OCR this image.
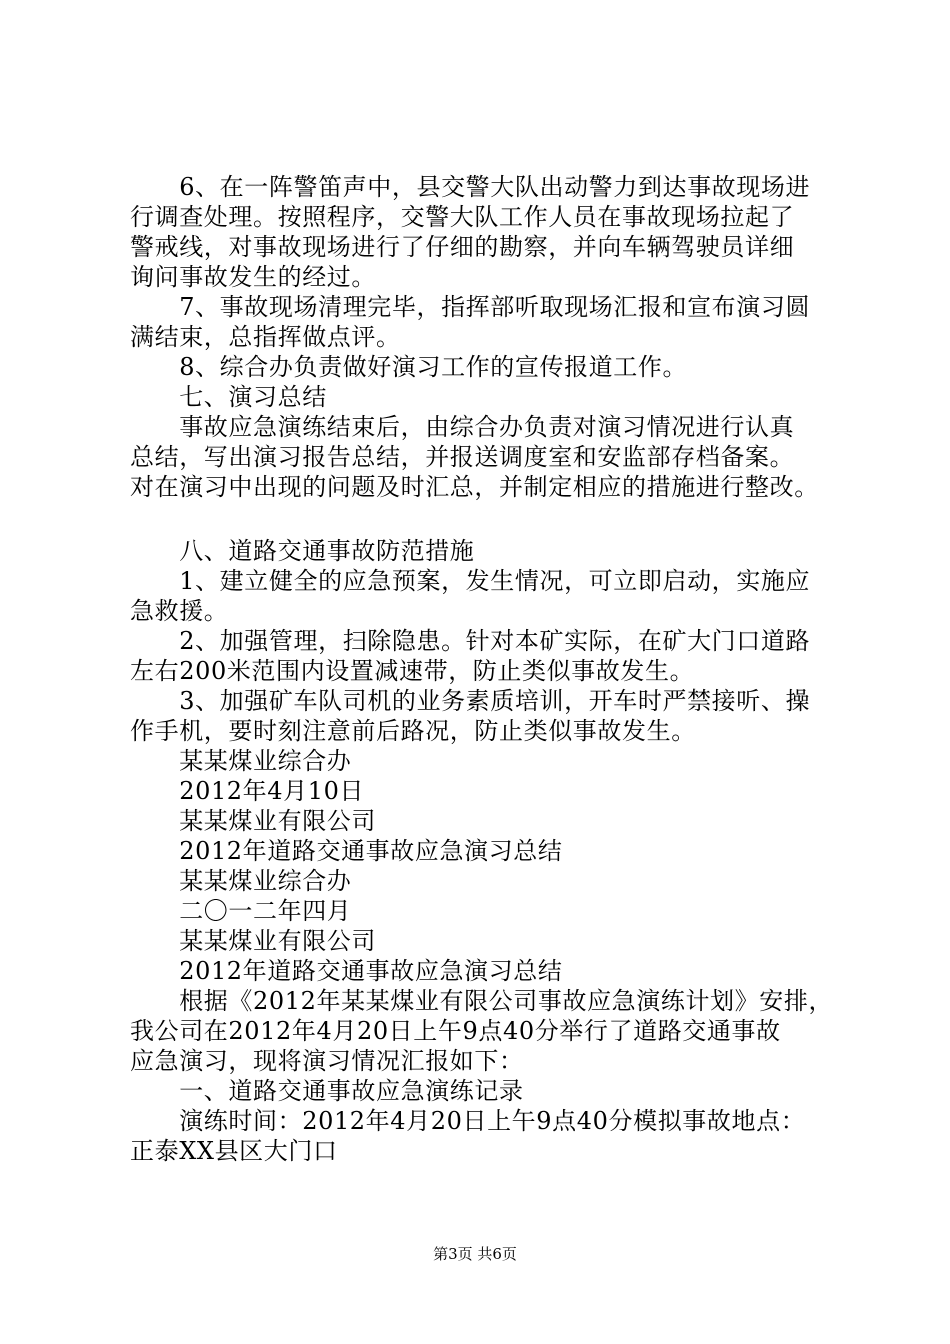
　　6、在一阵警笛声中，县交警大队出动警力到达事故现场进
行调查处理。按照程序，交警大队工作人员在事故现场拉起了
警戒线，对事故现场进行了仔细的勘察，并向车辆驾驶员详细
询问事故发生的经过。
　　7、事故现场清理完毕，指挥部听取现场汇报和宣布演习圆
满结束，总指挥做点评。
　　8、综合办负责做好演习工作的宣传报道工作。
　　七、演习总结
　　事故应急演练结束后，由综合办负责对演习情况进行认真
总结，写出演习报告总结，并报送调度室和安监部存档备案。
对在演习中出现的问题及时汇总，并制定相应的措施进行整改。
　　八、道路交通事故防范措施
　　1、建立健全的应急预案，发生情况，可立即启动，实施应
急救援。
　　2、加强管理，扫除隐患。针对本矿实际，在矿大门口道路
左右200米范围内设置减速带，防止类似事故发生。
　　3、加强矿车队司机的业务素质培训，开车时严禁接听、操
作手机，要时刻注意前后路况，防止类似事故发生。
　　某某煤业综合办
　　2012年4月10日
　　某某煤业有限公司
　　2012年道路交通事故应急演习总结
　　某某煤业综合办
　　二〇一二年四月
　　某某煤业有限公司
　　2012年道路交通事故应急演习总结
　　根据《2012年某某煤业有限公司事故应急演练计划》安排，
我公司在2012年4月20日上午9点40分举行了道路交通事故
应急演习，现将演习情况汇报如下：
　　一、道路交通事故应急演练记录
　　演练时间：2012年4月20日上午9点40分模拟事故地点：
正泰XX县区大门口
第3页 共6页
